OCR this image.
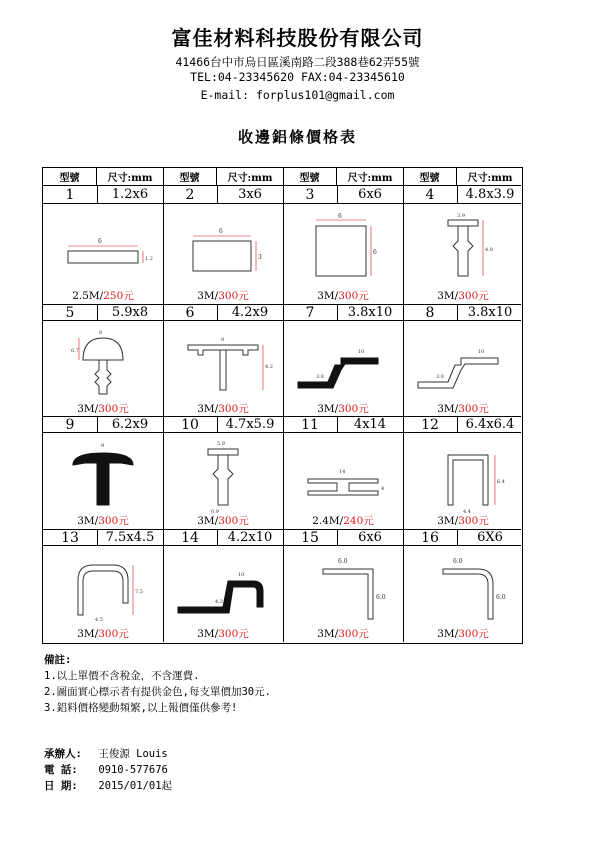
富佳材料科技股份有限公司
41466台中市烏日區溪南路二段388巷62弄55號
TEL:04-23345620 FAX:04-23345610
E-mail: forplus101@gmail.com
收邊鋁條價格表
型號	尺寸:mm	型號	尺寸:mm	型號	尺寸:mm	型號	尺寸:mm
1	1.2x6	2	3x6	3	6x6	4	4.8x3.9
6
1.2
6
3
6
6
3.9
4.8
2.5M/250元	3M/300元	3M/300元	3M/300元
5	5.9x8	6	4.2x9	7	3.8x10	8	3.8x10
8
6.7
9
4.2
10
3.8
10
3.8
3M/300元	3M/300元	3M/300元	3M/300元
9	6.2x9	10	4.7x5.9	11	4x14	12	6.4x6.4
9	5.9
0.9
14
4
6.4
4.4
3M/300元	3M/300元	2.4M/240元	3M/300元
13	7.5x4.5	14	4.2x10	15	6x6	16	6X6
7.5
4.5
10
4.2
6.0
6.0
6.0
6.0
3M/300元	3M/300元	3M/300元	3M/300元
備註:
1.以上單價不含稅金，不含運費.
2.圖面實心標示者有提供金色,每支單價加30元.
3.鋁料價格變動頻繁,以上報價僅供參考!
承辦人: 王俊源 Louis
電 話: 0910-577676
日 期: 2015/01/01起
